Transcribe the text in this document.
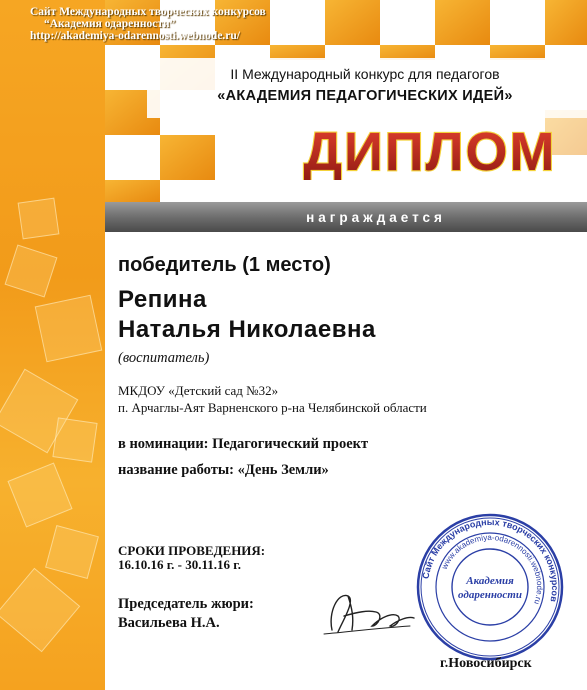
Сайт Международных творческих конкурсов
“Академия одаренности”
http://akademiya-odarennosti.webnode.ru/
II Международный конкурс для педагогов
«АКАДЕМИЯ ПЕДАГОГИЧЕСКИХ ИДЕЙ»
ДИПЛОМ
награждается
победитель (1 место)
Репина
Наталья Николаевна
(воспитатель)
МКДОУ «Детский сад №32»
п. Арчаглы-Аят Варненского р-на Челябинской области
в номинации: Педагогический проект
название работы: «День Земли»
СРОКИ ПРОВЕДЕНИЯ:
16.10.16 г. - 30.11.16 г.
Председатель жюри:
Васильева Н.А.
Сайт Международных творческих конкурсов
www.akademiya-odarennosti.webnode.ru
Академия
одаренности
г.Новосибирск
